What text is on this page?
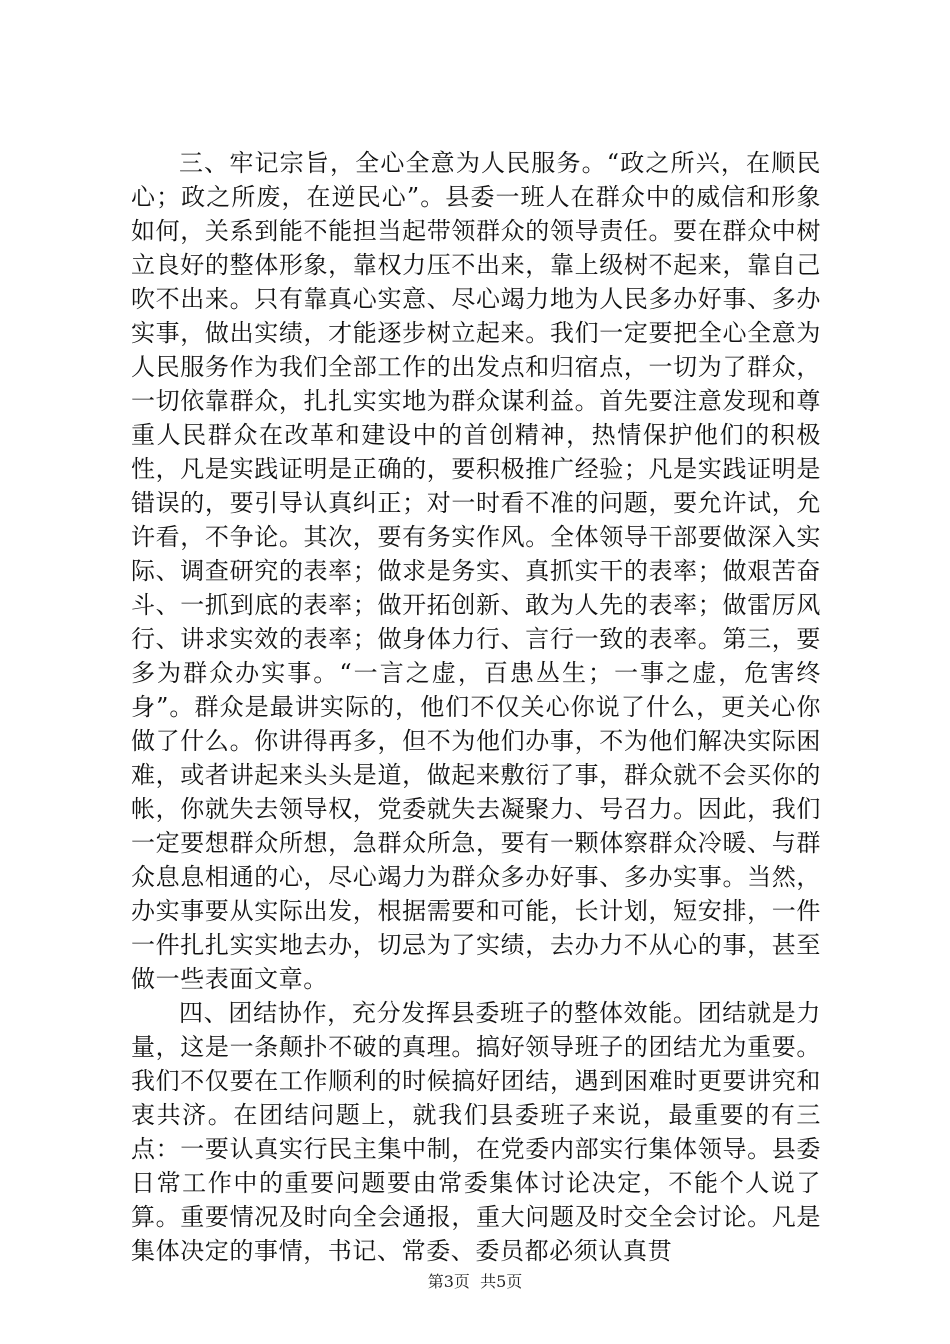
三、牢记宗旨，全心全意为人民服务。“政之所兴，在顺民心；政之所废，在逆民心”。县委一班人在群众中的威信和形象如何，关系到能不能担当起带领群众的领导责任。要在群众中树立良好的整体形象，靠权力压不出来，靠上级树不起来，靠自己吹不出来。只有靠真心实意、尽心竭力地为人民多办好事、多办实事，做出实绩，才能逐步树立起来。我们一定要把全心全意为人民服务作为我们全部工作的出发点和归宿点，一切为了群众，一切依靠群众，扎扎实实地为群众谋利益。首先要注意发现和尊重人民群众在改革和建设中的首创精神，热情保护他们的积极性，凡是实践证明是正确的，要积极推广经验；凡是实践证明是错误的，要引导认真纠正；对一时看不准的问题，要允许试，允许看，不争论。其次，要有务实作风。全体领导干部要做深入实际、调查研究的表率；做求是务实、真抓实干的表率；做艰苦奋斗、一抓到底的表率；做开拓创新、敢为人先的表率；做雷厉风行、讲求实效的表率；做身体力行、言行一致的表率。第三，要多为群众办实事。“一言之虚，百患丛生；一事之虚，危害终身”。群众是最讲实际的，他们不仅关心你说了什么，更关心你做了什么。你讲得再多，但不为他们办事，不为他们解决实际困难，或者讲起来头头是道，做起来敷衍了事，群众就不会买你的帐，你就失去领导权，党委就失去凝聚力、号召力。因此，我们一定要想群众所想，急群众所急，要有一颗体察群众冷暖、与群众息息相通的心，尽心竭力为群众多办好事、多办实事。当然，办实事要从实际出发，根据需要和可能，长计划，短安排，一件一件扎扎实实地去办，切忌为了实绩，去办力不从心的事，甚至做一些表面文章。

四、团结协作，充分发挥县委班子的整体效能。团结就是力量，这是一条颠扑不破的真理。搞好领导班子的团结尤为重要。我们不仅要在工作顺利的时候搞好团结，遇到困难时更要讲究和衷共济。在团结问题上，就我们县委班子来说，最重要的有三点：一要认真实行民主集中制，在党委内部实行集体领导。县委日常工作中的重要问题要由常委集体讨论决定，不能个人说了算。重要情况及时向全会通报，重大问题及时交全会讨论。凡是集体决定的事情，书记、常委、委员都必须认真贯

第3页  共5页
